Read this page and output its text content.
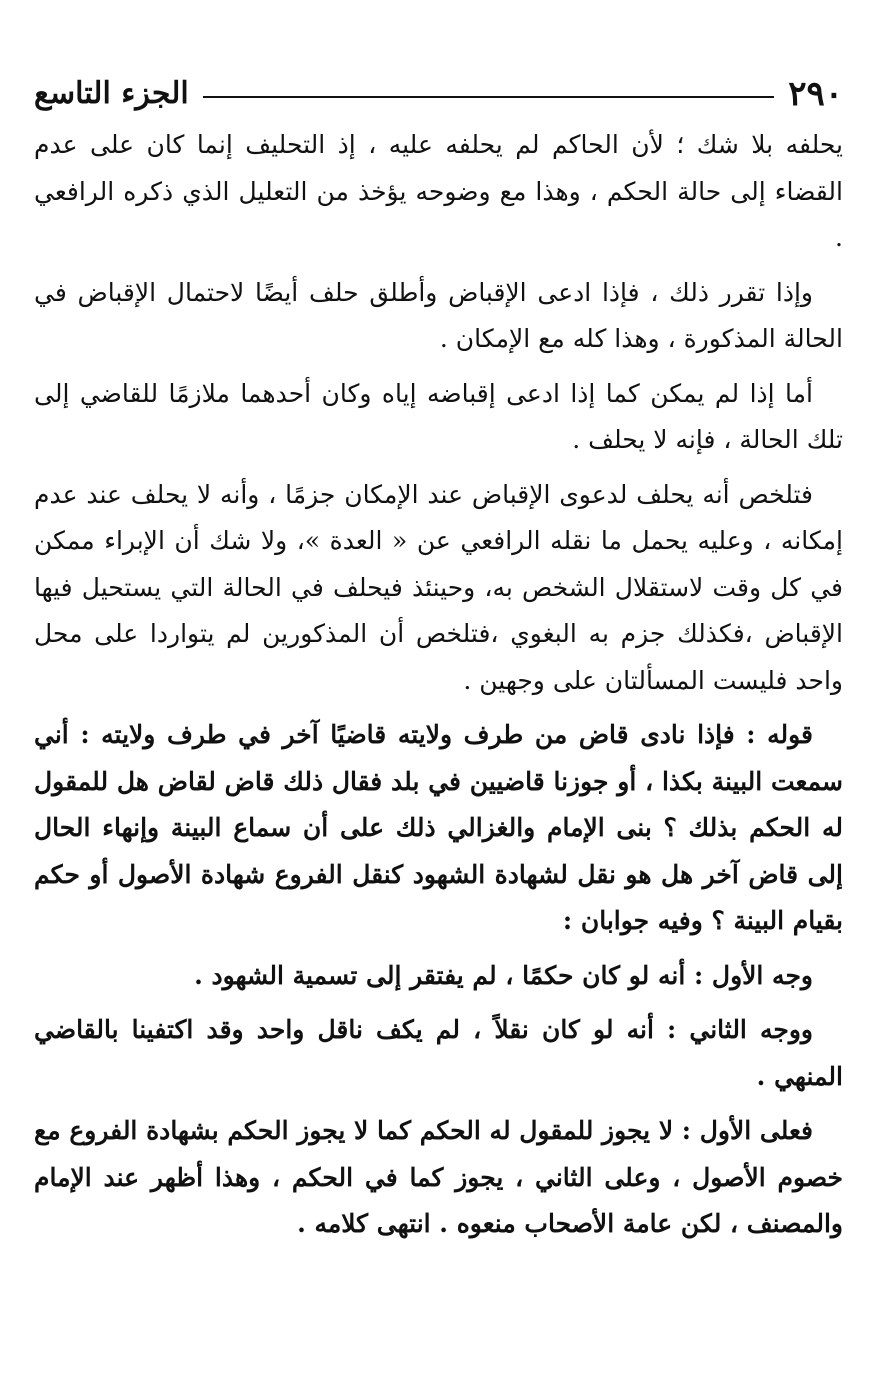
٢٩٠
الجزء التاسع

يحلفه بلا شك ؛ لأن الحاكم لم يحلفه عليه ، إذ التحليف إنما كان على عدم القضاء إلى حالة الحكم ، وهذا مع وضوحه يؤخذ من التعليل الذي ذكره الرافعي .

وإذا تقرر ذلك ، فإذا ادعى الإقباض وأطلق حلف أيضًا لاحتمال الإقباض في الحالة المذكورة ، وهذا كله مع الإمكان .

أما إذا لم يمكن كما إذا ادعى إقباضه إياه وكان أحدهما ملازمًا للقاضي إلى تلك الحالة ، فإنه لا يحلف .

فتلخص أنه يحلف لدعوى الإقباض عند الإمكان جزمًا ، وأنه لا يحلف عند عدم إمكانه ، وعليه يحمل ما نقله الرافعي عن « العدة »، ولا شك أن الإبراء ممكن في كل وقت لاستقلال الشخص به، وحينئذ فيحلف في الحالة التي يستحيل فيها الإقباض ،فكذلك جزم به البغوي ،فتلخص أن المذكورين لم يتواردا على محل واحد فليست المسألتان على وجهين .

قوله : فإذا نادى قاض من طرف ولايته قاضيًا آخر في طرف ولايته : أني سمعت البينة بكذا ، أو جوزنا قاضيين في بلد فقال ذلك قاض لقاض هل للمقول له الحكم بذلك ؟ بنى الإمام والغزالي ذلك على أن سماع البينة وإنهاء الحال إلى قاض آخر هل هو نقل لشهادة الشهود كنقل الفروع شهادة الأصول أو حكم بقيام البينة ؟ وفيه جوابان :

وجه الأول : أنه لو كان حكمًا ، لم يفتقر إلى تسمية الشهود .

ووجه الثاني : أنه لو كان نقلاً ، لم يكف ناقل واحد وقد اكتفينا بالقاضي المنهي .

فعلى الأول : لا يجوز للمقول له الحكم كما لا يجوز الحكم بشهادة الفروع مع خصوم الأصول ، وعلى الثاني ، يجوز كما في الحكم ، وهذا أظهر عند الإمام والمصنف ، لكن عامة الأصحاب منعوه . انتهى كلامه .
